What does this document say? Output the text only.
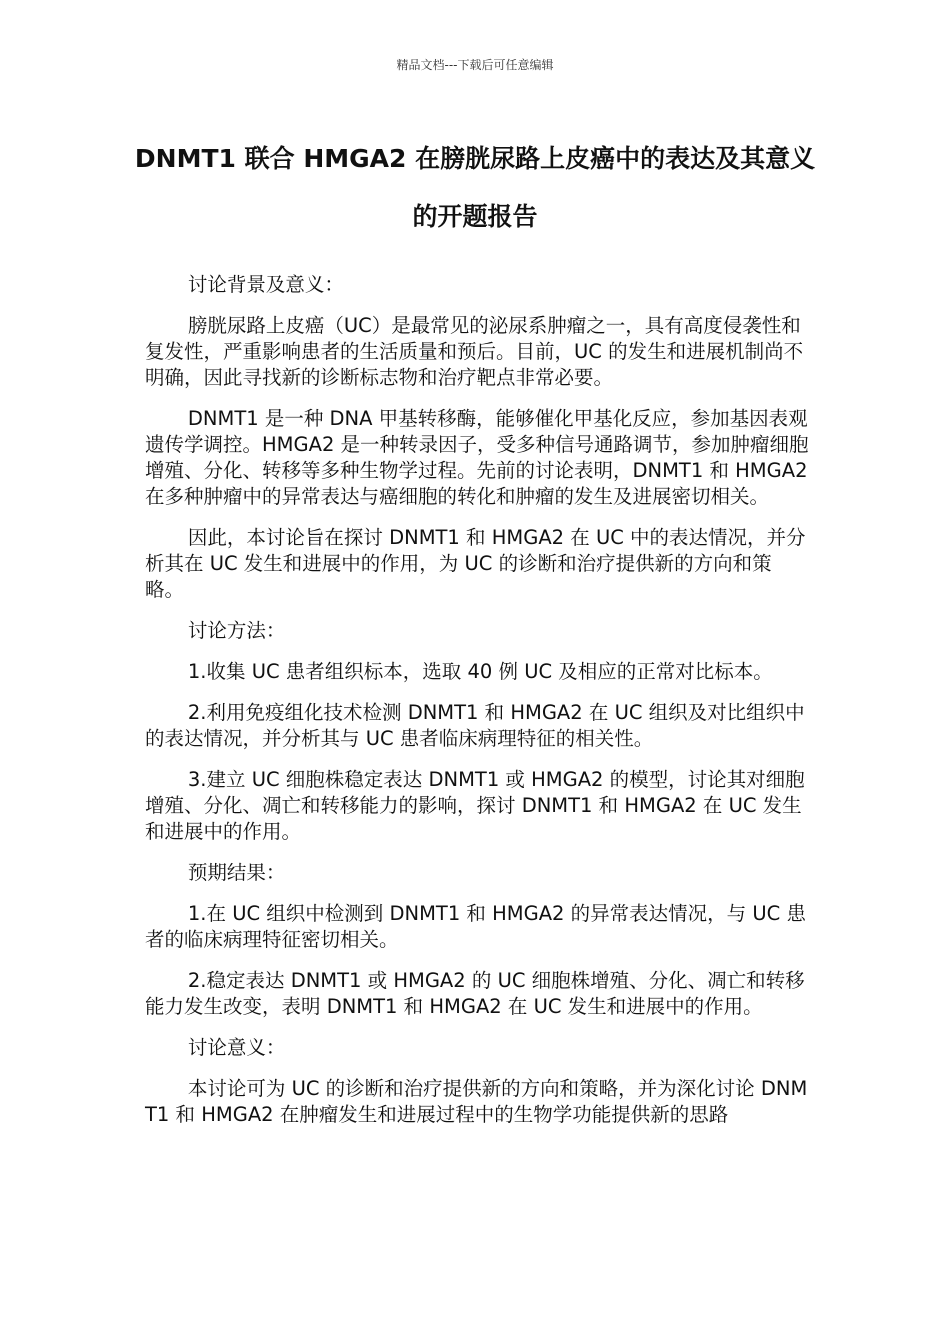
精品文档---下载后可任意编辑
DNMT1 联合 HMGA2 在膀胱尿路上皮癌中的表达及其意义的开题报告

讨论背景及意义：

膀胱尿路上皮癌（UC）是最常见的泌尿系肿瘤之一，具有高度侵袭性和复发性，严重影响患者的生活质量和预后。目前，UC 的发生和进展机制尚不明确，因此寻找新的诊断标志物和治疗靶点非常必要。

DNMT1 是一种 DNA 甲基转移酶，能够催化甲基化反应，参加基因表观遗传学调控。HMGA2 是一种转录因子，受多种信号通路调节，参加肿瘤细胞增殖、分化、转移等多种生物学过程。先前的讨论表明，DNMT1 和 HMGA2 在多种肿瘤中的异常表达与癌细胞的转化和肿瘤的发生及进展密切相关。

因此，本讨论旨在探讨 DNMT1 和 HMGA2 在 UC 中的表达情况，并分析其在 UC 发生和进展中的作用，为 UC 的诊断和治疗提供新的方向和策略。

讨论方法：

1.收集 UC 患者组织标本，选取 40 例 UC 及相应的正常对比标本。

2.利用免疫组化技术检测 DNMT1 和 HMGA2 在 UC 组织及对比组织中的表达情况，并分析其与 UC 患者临床病理特征的相关性。

3.建立 UC 细胞株稳定表达 DNMT1 或 HMGA2 的模型，讨论其对细胞增殖、分化、凋亡和转移能力的影响，探讨 DNMT1 和 HMGA2 在 UC 发生和进展中的作用。

预期结果：

1.在 UC 组织中检测到 DNMT1 和 HMGA2 的异常表达情况，与 UC 患者的临床病理特征密切相关。

2.稳定表达 DNMT1 或 HMGA2 的 UC 细胞株增殖、分化、凋亡和转移能力发生改变，表明 DNMT1 和 HMGA2 在 UC 发生和进展中的作用。

讨论意义：

本讨论可为 UC 的诊断和治疗提供新的方向和策略，并为深化讨论 DNMT1 和 HMGA2 在肿瘤发生和进展过程中的生物学功能提供新的思路
